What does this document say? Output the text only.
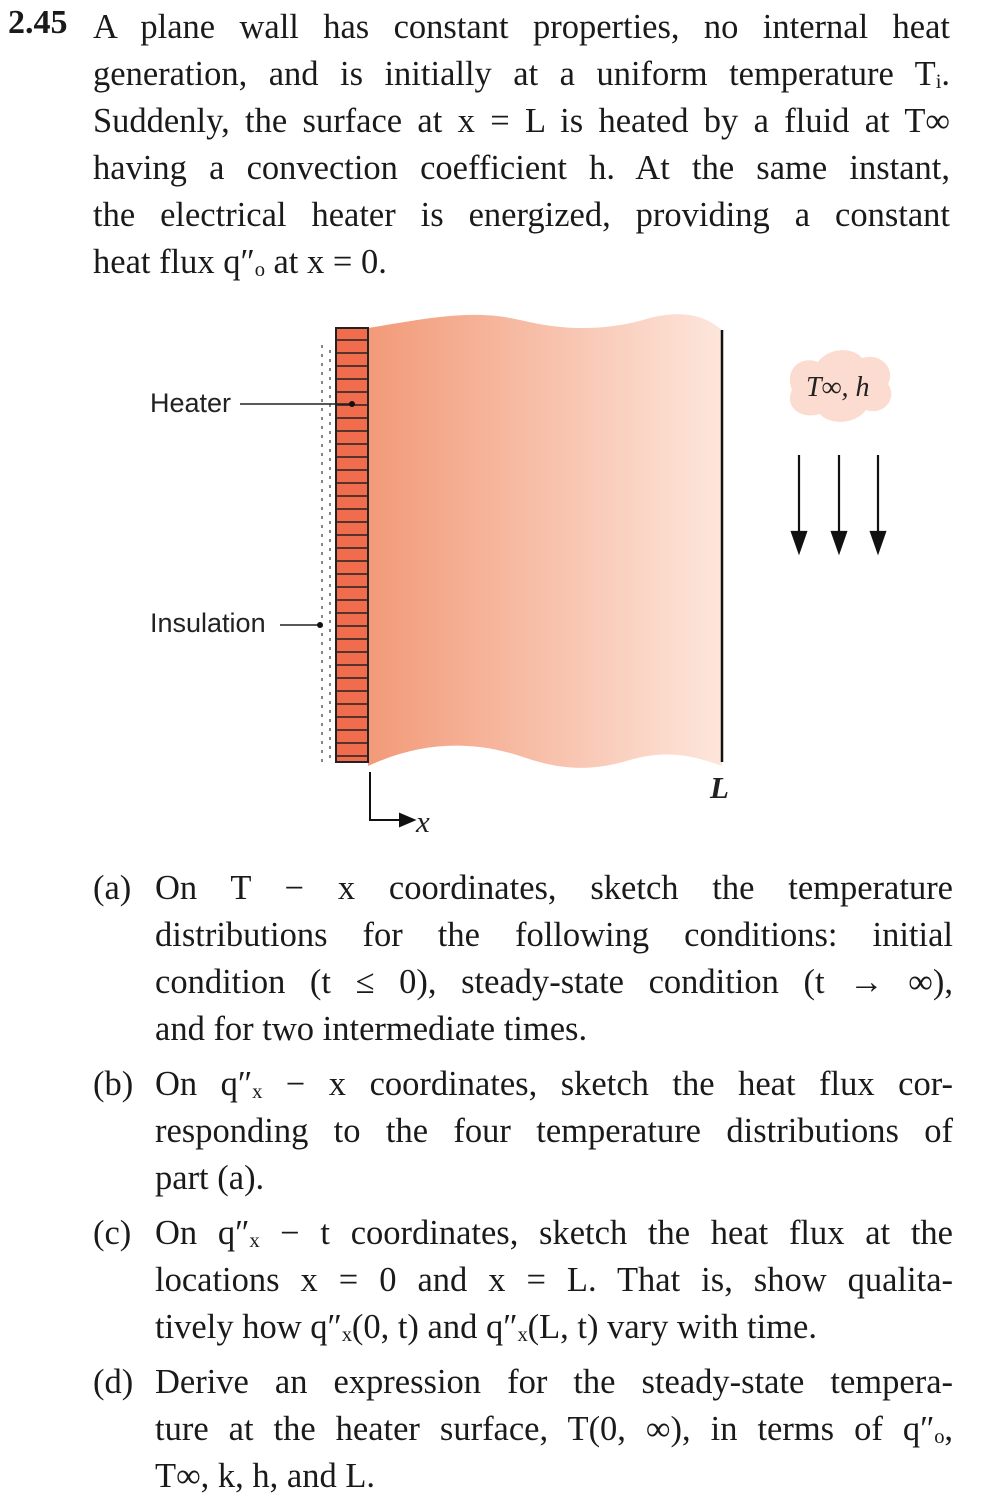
2.45 A plane wall has constant properties, no internal heat
generation, and is initially at a uniform temperature Tᵢ.
Suddenly, the surface at x = L is heated by a fluid at T∞
having a convection coefficient h. At the same instant,
the electrical heater is energized, providing a constant
heat flux q″ₒ at x = 0.
Heater
Insulation
T∞, h
L
x
(a) On T − x coordinates, sketch the temperature
distributions for the following conditions: initial
condition (t ≤ 0), steady-state condition (t → ∞),
and for two intermediate times.
(b) On q″ₓ − x coordinates, sketch the heat flux cor-
responding to the four temperature distributions of
part (a).
(c) On q″ₓ − t coordinates, sketch the heat flux at the
locations x = 0 and x = L. That is, show qualita-
tively how q″ₓ(0, t) and q″ₓ(L, t) vary with time.
(d) Derive an expression for the steady-state tempera-
ture at the heater surface, T(0, ∞), in terms of q″ₒ,
T∞, k, h, and L.
